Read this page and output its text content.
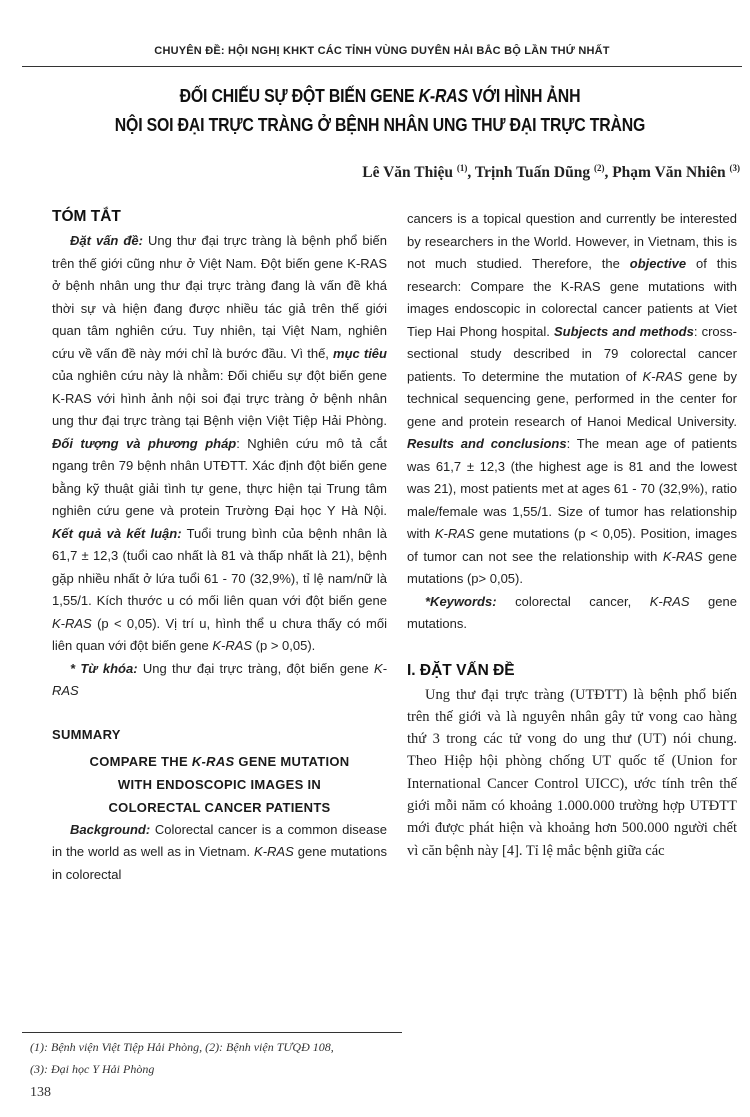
CHUYÊN ĐỀ: HỘI NGHỊ KHKT CÁC TỈNH VÙNG DUYÊN HẢI BẮC BỘ LẦN THỨ NHẤT
ĐỐI CHIẾU SỰ ĐỘT BIẾN GENE K-RAS VỚI HÌNH ẢNH
NỘI SOI ĐẠI TRỰC TRÀNG Ở BỆNH NHÂN UNG THƯ ĐẠI TRỰC TRÀNG
Lê Văn Thiệu $^{(1)}$, Trịnh Tuấn Dũng $^{(2)}$, Phạm Văn Nhiên $^{(3)}$
TÓM TẮT

Đặt vấn đề: Ung thư đại trực tràng là bệnh phổ biến trên thế giới cũng như ở Việt Nam. Đột biến gene K-RAS ở bệnh nhân ung thư đại trực tràng đang là vấn đề khá thời sự và hiện đang được nhiều tác giả trên thế giới quan tâm nghiên cứu. Tuy nhiên, tại Việt Nam, nghiên cứu về vấn đề này mới chỉ là bước đầu. Vì thế, mục tiêu của nghiên cứu này là nhằm: Đối chiếu sự đột biến gene K-RAS với hình ảnh nội soi đại trực tràng ở bệnh nhân ung thư đại trực tràng tại Bệnh viện Việt Tiệp Hải Phòng. Đối tượng và phương pháp: Nghiên cứu mô tả cắt ngang trên 79 bệnh nhân UTĐTT. Xác định đột biến gene bằng kỹ thuật giải tình tự gene, thực hiện tại Trung tâm nghiên cứu gene và protein Trường Đại học Y Hà Nội. Kết quả và kết luận: Tuổi trung bình của bệnh nhân là 61,7 ± 12,3 (tuổi cao nhất là 81 và thấp nhất là 21), bệnh gặp nhiều nhất ở lứa tuổi 61 - 70 (32,9%), tỉ lệ nam/nữ là 1,55/1. Kích thước u có mối liên quan với đột biến gene K-RAS (p < 0,05). Vị trí u, hình thể u chưa thấy có mối liên quan với đột biến gene K-RAS (p > 0,05).

* Từ khóa: Ung thư đại trực tràng, đột biến gene K-RAS

SUMMARY

COMPARE THE K-RAS GENE MUTATION

WITH ENDOSCOPIC IMAGES IN

COLORECTAL CANCER PATIENTS

Background: Colorectal cancer is a common disease in the world as well as in Vietnam. K-RAS gene mutations in colorectal

cancers is a topical question and currently be interested by researchers in the World. However, in Vietnam, this is not much studied. Therefore, the objective of this research: Compare the K-RAS gene mutations with images endoscopic in colorectal cancer patients at Viet Tiep Hai Phong hospital. Subjects and methods: cross-sectional study described in 79 colorectal cancer patients. To determine the mutation of K-RAS gene by technical sequencing gene, performed in the center for gene and protein research of Hanoi Medical University. Results and conclusions: The mean age of patients was 61,7 ± 12,3 (the highest age is 81 and the lowest was 21), most patients met at ages 61 - 70 (32,9%), ratio male/female was 1,55/1. Size of tumor has relationship with K-RAS gene mutations (p < 0,05). Position, images of tumor can not see the relationship with K-RAS gene mutations (p> 0,05).

*Keywords: colorectal cancer, K-RAS gene mutations.

I. ĐẶT VẤN ĐỀ

Ung thư đại trực tràng (UTĐTT) là bệnh phổ biến trên thế giới và là nguyên nhân gây tử vong cao hàng thứ 3 trong các tử vong do ung thư (UT) nói chung. Theo Hiệp hội phòng chống UT quốc tế (Union for International Cancer Control UICC), ước tính trên thế giới mỗi năm có khoảng 1.000.000 trường hợp UTĐTT mới được phát hiện và khoảng hơn 500.000 người chết vì căn bệnh này [4]. Tỉ lệ mắc bệnh giữa các

(1): Bệnh viện Việt Tiệp Hải Phòng, (2): Bệnh viện TƯQĐ 108,
(3): Đại học Y Hải Phòng
138
